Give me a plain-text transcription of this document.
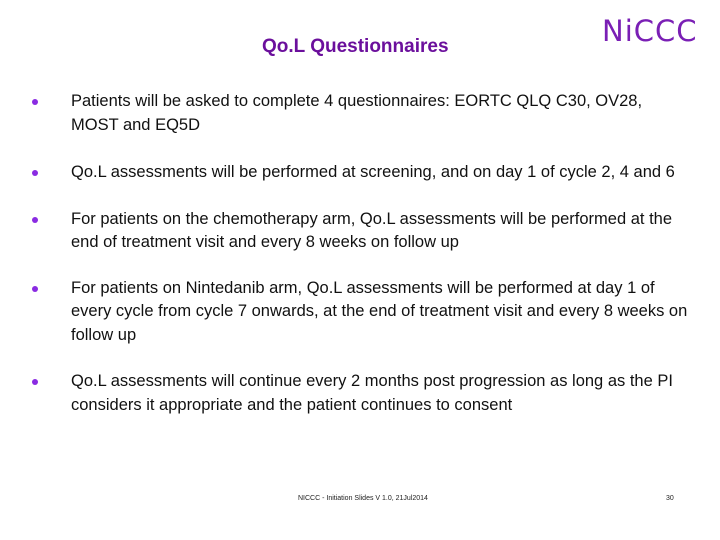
Qo.L Questionnaires	NiCCC
Patients will be asked to complete 4 questionnaires: EORTC QLQ C30, OV28, MOST and EQ5D
Qo.L assessments will be performed at screening, and on day 1 of cycle 2, 4 and 6
For patients on the chemotherapy arm, Qo.L assessments will be performed at the end of treatment visit and every 8 weeks on follow up
For patients on Nintedanib arm, Qo.L assessments will be performed at day 1 of every cycle from cycle 7 onwards, at the end of treatment visit and every 8 weeks on follow up
Qo.L assessments will continue every 2 months post progression as long as the PI considers it appropriate and the patient continues to consent
NICCC - Initiation Slides V 1.0, 21Jul2014	30
